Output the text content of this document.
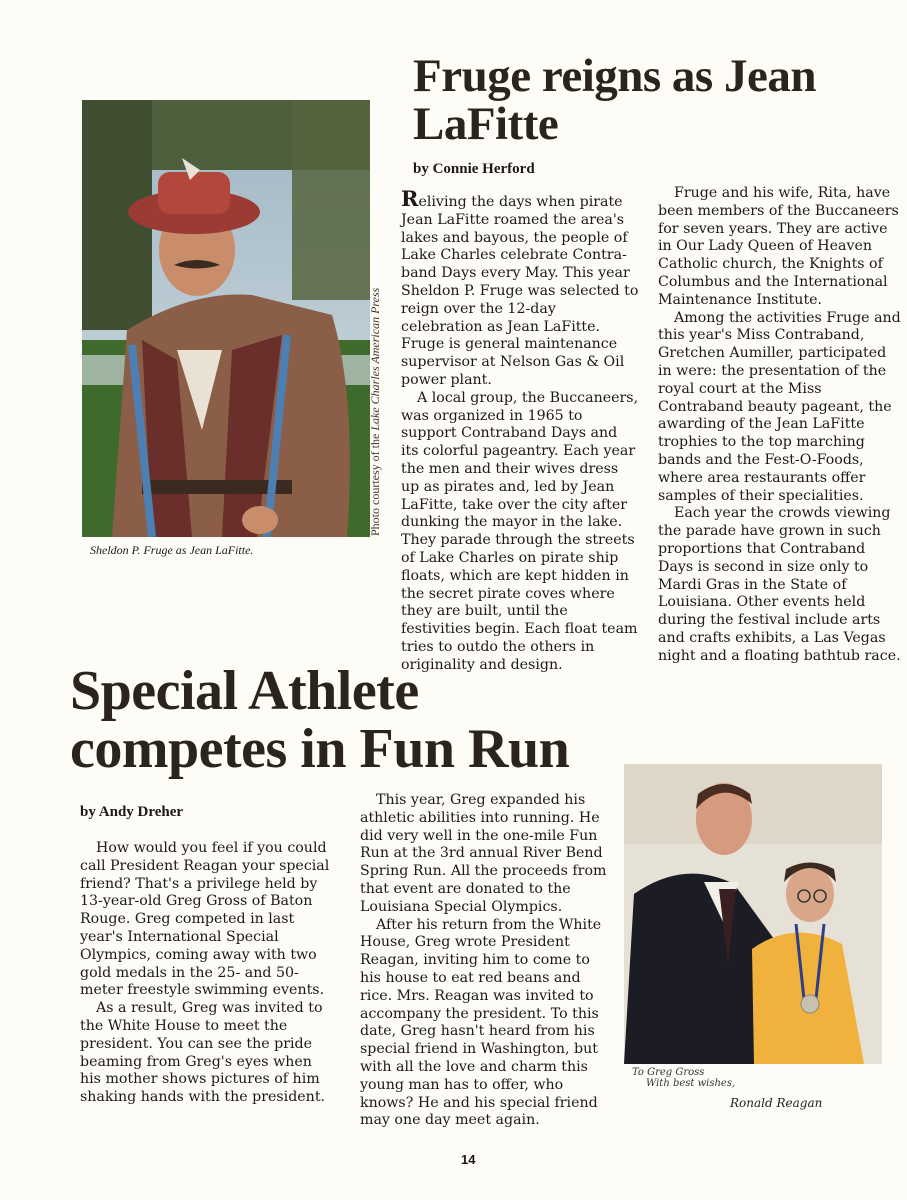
Photo courtesy of the Lake Charles American Press
Sheldon P. Fruge as Jean LaFitte.
Fruge reigns as Jean LaFitte
by Connie Herford

Reliving the days when pirate Jean LaFitte roamed the area's lakes and bayous, the people of Lake Charles celebrate Contra-band Days every May. This year Sheldon P. Fruge was selected to reign over the 12-day celebration as Jean LaFitte. Fruge is general maintenance supervisor at Nelson Gas & Oil power plant.

A local group, the Buccaneers, was organized in 1965 to support Contraband Days and its colorful pageantry. Each year the men and their wives dress up as pirates and, led by Jean LaFitte, take over the city after dunking the mayor in the lake. They parade through the streets of Lake Charles on pirate ship floats, which are kept hidden in the secret pirate coves where they are built, until the festivities begin. Each float team tries to outdo the others in originality and design.

Fruge and his wife, Rita, have been members of the Buccaneers for seven years. They are active in Our Lady Queen of Heaven Catholic church, the Knights of Columbus and the International Maintenance Institute.

Among the activities Fruge and this year's Miss Contraband, Gretchen Aumiller, participated in were: the presentation of the royal court at the Miss Contraband beauty pageant, the awarding of the Jean LaFitte trophies to the top marching bands and the Fest-O-Foods, where area restaurants offer samples of their specialities.

Each year the crowds viewing the parade have grown in such proportions that Contraband Days is second in size only to Mardi Gras in the State of Louisiana. Other events held during the festival include arts and crafts exhibits, a Las Vegas night and a floating bathtub race.

Special Athlete competes in Fun Run
by Andy Dreher

How would you feel if you could call President Reagan your special friend? That's a privilege held by 13-year-old Greg Gross of Baton Rouge. Greg competed in last year's International Special Olympics, coming away with two gold medals in the 25- and 50-meter freestyle swimming events.

As a result, Greg was invited to the White House to meet the president. You can see the pride beaming from Greg's eyes when his mother shows pictures of him shaking hands with the president.

This year, Greg expanded his athletic abilities into running. He did very well in the one-mile Fun Run at the 3rd annual River Bend Spring Run. All the proceeds from that event are donated to the Louisiana Special Olympics.

After his return from the White House, Greg wrote President Reagan, inviting him to come to his house to eat red beans and rice. Mrs. Reagan was invited to accompany the president. To this date, Greg hasn't heard from his special friend in Washington, but with all the love and charm this young man has to offer, who knows? He and his special friend may one day meet again.

To Greg Gross
With best wishes,
Ronald Reagan
14
